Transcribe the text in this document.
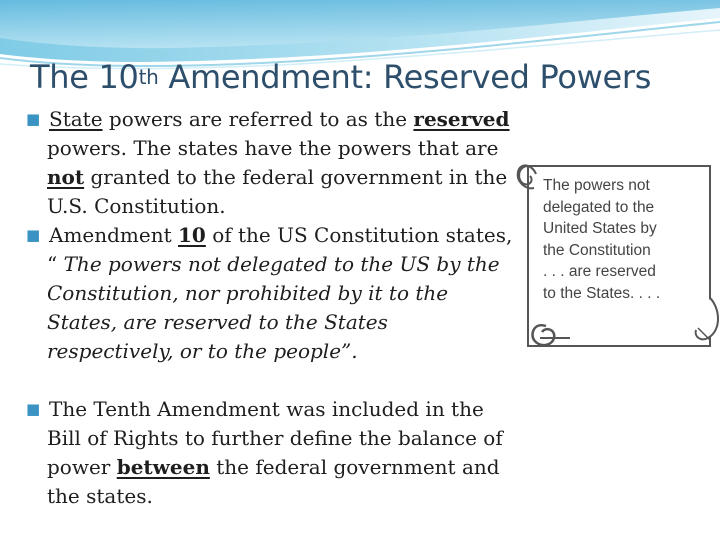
The 10th Amendment: Reserved Powers

■  State powers are referred to as the reserved powers. The states have the powers that are not granted to the federal government in the U.S. Constitution.

■  Amendment 10 of the US Constitution states, “ The powers not delegated to the US by the Constitution, nor prohibited by it to the States, are reserved to the States respectively, or to the people”.

■  The Tenth Amendment was included in the Bill of Rights to further define the balance of power between the federal government and the states.

The powers not
delegated to the
United States by
the Constitution
. . . are reserved
to the States. . . .
